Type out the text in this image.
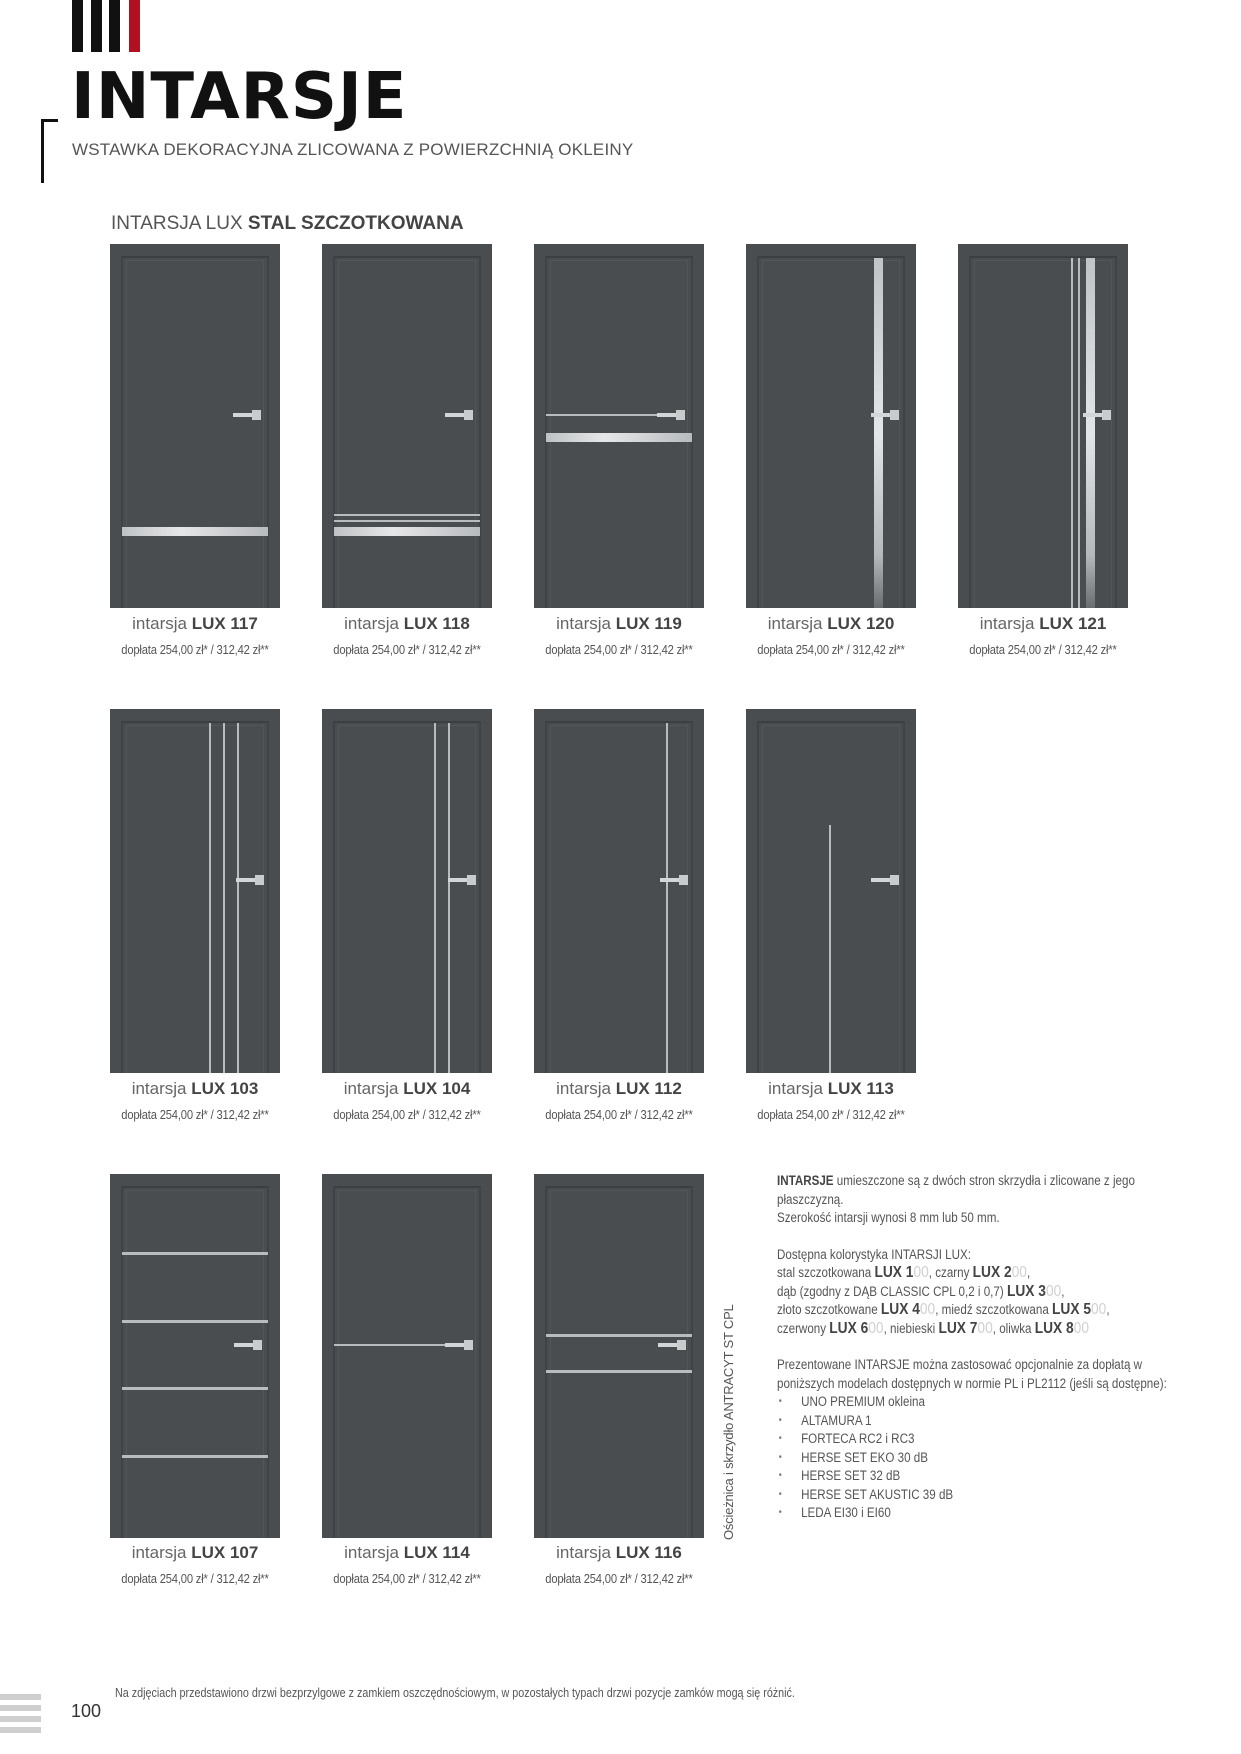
INTARSJE
WSTAWKA DEKORACYJNA ZLICOWANA Z POWIERZCHNIĄ OKLEINY
INTARSJA LUX STAL SZCZOTKOWANA
intarsja LUX 117
dopłata 254,00 zł* / 312,42 zł**
intarsja LUX 118
dopłata 254,00 zł* / 312,42 zł**
intarsja LUX 119
dopłata 254,00 zł* / 312,42 zł**
intarsja LUX 120
dopłata 254,00 zł* / 312,42 zł**
intarsja LUX 121
dopłata 254,00 zł* / 312,42 zł**
intarsja LUX 103
dopłata 254,00 zł* / 312,42 zł**
intarsja LUX 104
dopłata 254,00 zł* / 312,42 zł**
intarsja LUX 112
dopłata 254,00 zł* / 312,42 zł**
intarsja LUX 113
dopłata 254,00 zł* / 312,42 zł**
intarsja LUX 107
dopłata 254,00 zł* / 312,42 zł**
intarsja LUX 114
dopłata 254,00 zł* / 312,42 zł**
intarsja LUX 116
dopłata 254,00 zł* / 312,42 zł**
Ościeżnica i skrzydło ANTRACYT ST CPL

INTARSJE umieszczone są z dwóch stron skrzydła i zlicowane z jego płaszczyzną.

Szerokość intarsji wynosi 8 mm lub 50 mm.

Dostępna kolorystyka INTARSJI LUX:

stal szczotkowana LUX 100, czarny LUX 200,

dąb (zgodny z DĄB CLASSIC CPL 0,2 i 0,7) LUX 300,

złoto szczotkowane LUX 400, miedź szczotkowana LUX 500,

czerwony LUX 600, niebieski LUX 700, oliwka LUX 800

Prezentowane INTARSJE można zastosować opcjonalnie za dopłatą w poniższych modelach dostępnych w normie PL i PL2112 (jeśli są dostępne):

• UNO PREMIUM okleina
• ALTAMURA 1
• FORTECA RC2 i RC3
• HERSE SET EKO 30 dB
• HERSE SET 32 dB
• HERSE SET AKUSTIC 39 dB
• LEDA EI30 i EI60
100
Na zdjęciach przedstawiono drzwi bezprzylgowe z zamkiem oszczędnościowym, w pozostałych typach drzwi pozycje zamków mogą się różnić.
